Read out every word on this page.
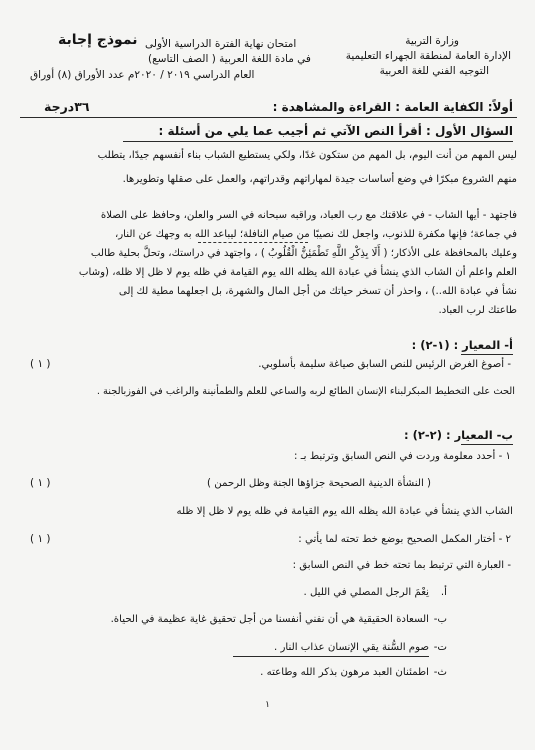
وزارة التربية
الإدارة العامة لمنطقة الجهراء التعليمية
التوجيه الفني للغة العربية
امتحان نهاية الفترة الدراسية الأولى
نموذج إجابة
في مادة اللغة العربية ( الصف التاسع)
العام الدراسي ٢٠١٩ / ٢٠٢٠م عدد الأوراق (٨) أوراق
أولاً: الكفاية العامة : القراءة والمشاهدة :
٣٦درجة
السؤال الأول : أقرأ النص الآتي ثم أجيب عما يلي من أسئلة :
ليس المهم من أنت اليوم، بل المهم من ستكون غدًا، ولكي يستطيع الشباب بناء أنفسهم جيدًا، يتطلب
منهم الشروع مبكرًا في وضع أساسات جيدة لمهاراتهم وقدراتهم، والعمل على صقلها وتطويرها.
فاجتهد - أيها الشاب - في علاقتك مع رب العباد، وراقبه سبحانه في السر والعلن، وحافظ على الصلاة
في جماعة؛ فإنها مكفرة للذنوب، واجعل لك نصيبًا من صيام النافلة؛ ليباعد الله به وجهك عن النار،
وعليك بالمحافظة على الأذكار؛ ( أَلَا بِذِكْرِ اللَّهِ تَطْمَئِنُّ الْقُلُوبُ ) ، واجتهد في دراستك، وتحلَّ بحلية طالب
العلم واعلم أن الشاب الذي ينشأ في عبادة الله يظله الله يوم القيامة في ظله يوم لا ظل إلا ظله، (وشاب
نشأ في عبادة الله..) ، واحذر أن تسخر حياتك من أجل المال والشهرة، بل اجعلهما مطية لك إلى
طاعتك لرب العباد.
أ- المعيار : (١-٢) :
- أصوغ الغرض الرئيس للنص السابق صياغة سليمة بأسلوبي.
( ١ )
الحث على التخطيط المبكرلبناء الإنسان الطائع لربه والساعي للعلم والطمأنينة والراغب في الفوزبالجنة .
ب- المعيار : (٢-٢) :
١ - أحدد معلومة وردت في النص السابق وترتبط بـ :
( النشأة الدينية الصحيحة جزاؤها الجنة وظل الرحمن )
( ١ )
الشاب الذي ينشأ في عبادة الله يظله الله يوم القيامة في ظله يوم لا ظل إلا ظله
٢ - أختار المكمل الصحيح بوضع خط تحته لما يأتي :
( ١ )
- العبارة التي ترتبط بما تحته خط في النص السابق :
أ.
نِعْمَ الرجل المصلي في الليل .
ب-
السعادة الحقيقية هي أن نفني أنفسنا من أجل تحقيق غاية عظيمة في الحياة.
ت-
صوم السُّنة يقي الإنسان عذاب النار .
ث-
اطمئنان العبد مرهون بذكر الله وطاعته .
١
